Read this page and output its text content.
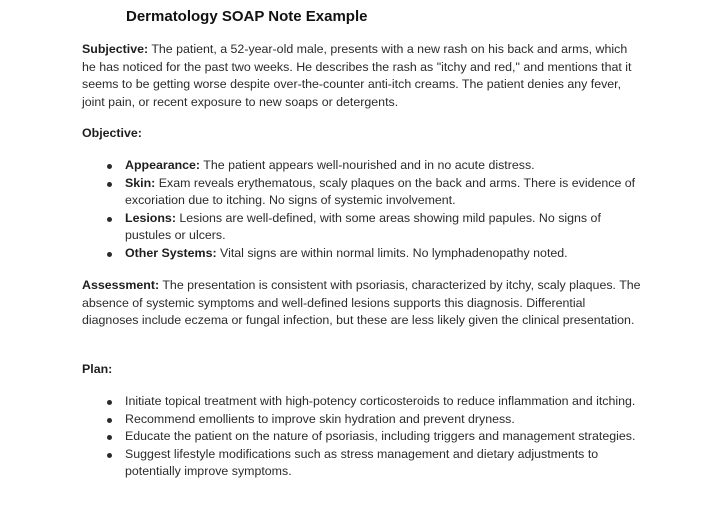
Dermatology SOAP Note Example

Subjective: The patient, a 52-year-old male, presents with a new rash on his back and arms, which he has noticed for the past two weeks. He describes the rash as "itchy and red," and mentions that it seems to be getting worse despite over-the-counter anti-itch creams. The patient denies any fever, joint pain, or recent exposure to new soaps or detergents.

Objective:

Appearance: The patient appears well-nourished and in no acute distress.
Skin: Exam reveals erythematous, scaly plaques on the back and arms. There is evidence of excoriation due to itching. No signs of systemic involvement.
Lesions: Lesions are well-defined, with some areas showing mild papules. No signs of pustules or ulcers.
Other Systems: Vital signs are within normal limits. No lymphadenopathy noted.

Assessment: The presentation is consistent with psoriasis, characterized by itchy, scaly plaques. The absence of systemic symptoms and well-defined lesions supports this diagnosis. Differential diagnoses include eczema or fungal infection, but these are less likely given the clinical presentation.

Plan:

Initiate topical treatment with high-potency corticosteroids to reduce inflammation and itching.
Recommend emollients to improve skin hydration and prevent dryness.
Educate the patient on the nature of psoriasis, including triggers and management strategies.
Suggest lifestyle modifications such as stress management and dietary adjustments to potentially improve symptoms.
